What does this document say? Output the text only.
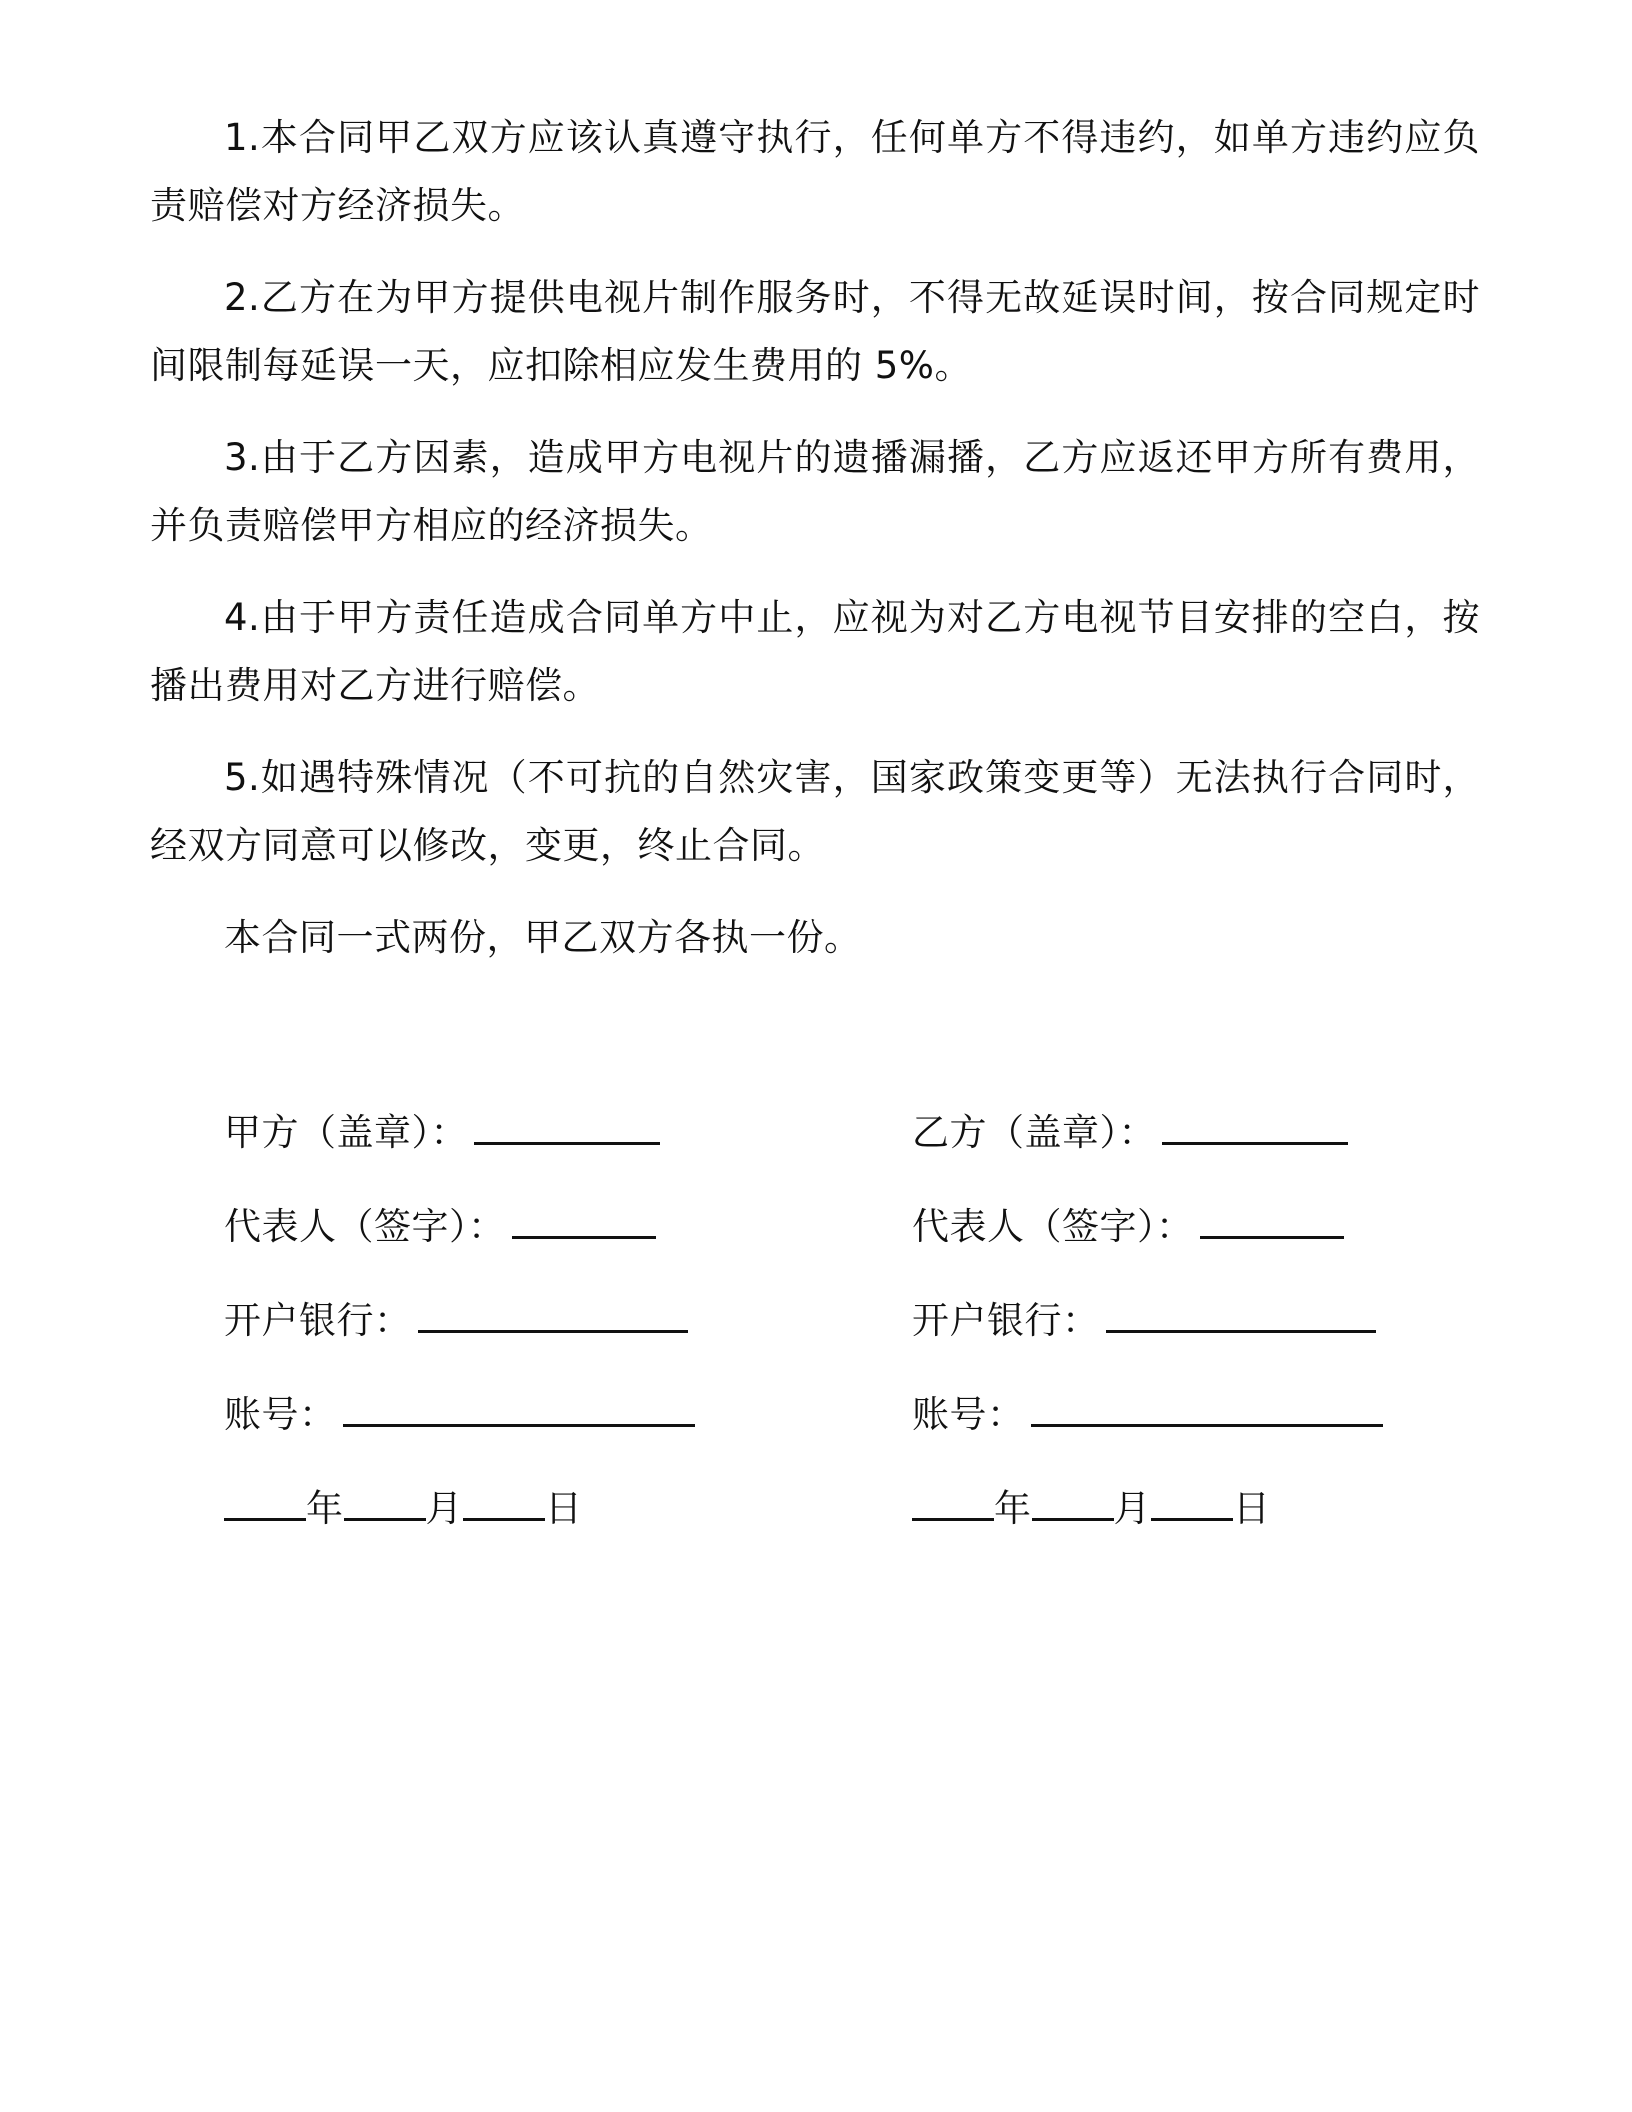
1.本合同甲乙双方应该认真遵守执行，任何单方不得违约，如单方违约应负责赔偿对方经济损失。

2.乙方在为甲方提供电视片制作服务时，不得无故延误时间，按合同规定时间限制每延误一天，应扣除相应发生费用的 5%。

3.由于乙方因素，造成甲方电视片的遗播漏播，乙方应返还甲方所有费用，并负责赔偿甲方相应的经济损失。

4.由于甲方责任造成合同单方中止，应视为对乙方电视节目安排的空白，按播出费用对乙方进行赔偿。

5.如遇特殊情况（不可抗的自然灾害，国家政策变更等）无法执行合同时，经双方同意可以修改，变更，终止合同。

本合同一式两份，甲乙双方各执一份。

甲方（盖章）：
代表人（签字）：
开户银行：
账号：
年 月 日
乙方（盖章）：
代表人（签字）：
开户银行：
账号：
年 月 日
